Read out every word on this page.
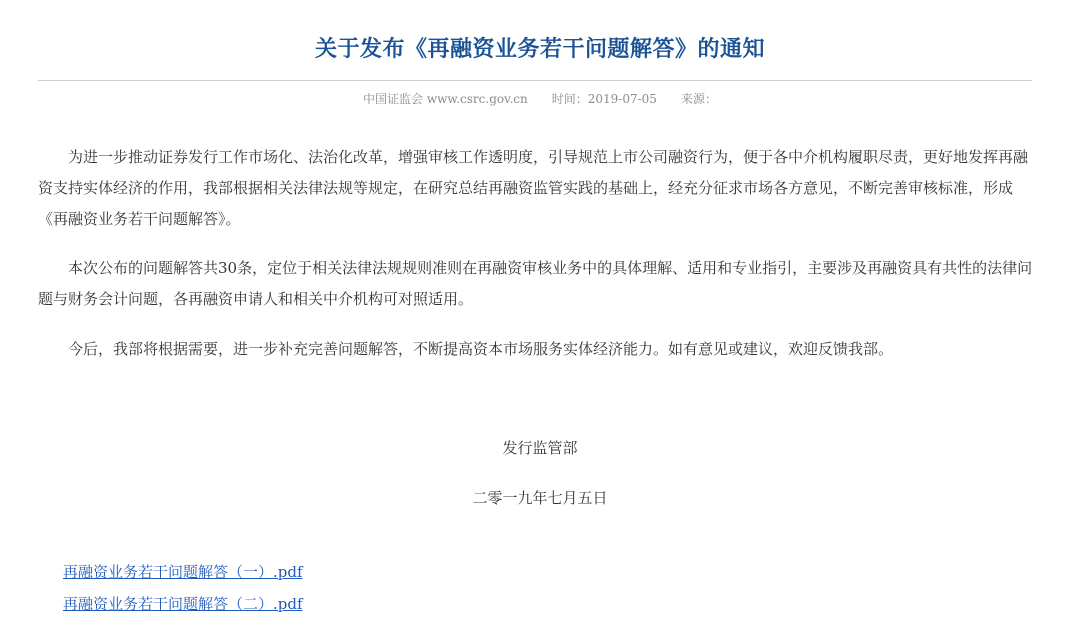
关于发布《再融资业务若干问题解答》的通知
中国证监会 www.csrc.gov.cn 时间：2019-07-05 来源：

为进一步推动证券发行工作市场化、法治化改革，增强审核工作透明度，引导规范上市公司融资行为，便于各中介机构履职尽责，更好地发挥再融资支持实体经济的作用，我部根据相关法律法规等规定，在研究总结再融资监管实践的基础上，经充分征求市场各方意见，不断完善审核标准，形成《再融资业务若干问题解答》。

本次公布的问题解答共30条，定位于相关法律法规规则准则在再融资审核业务中的具体理解、适用和专业指引，主要涉及再融资具有共性的法律问题与财务会计问题，各再融资申请人和相关中介机构可对照适用。

今后，我部将根据需要，进一步补充完善问题解答，不断提高资本市场服务实体经济能力。如有意见或建议，欢迎反馈我部。

发行监管部
二零一九年七月五日
再融资业务若干问题解答（一）.pdf
再融资业务若干问题解答（二）.pdf
